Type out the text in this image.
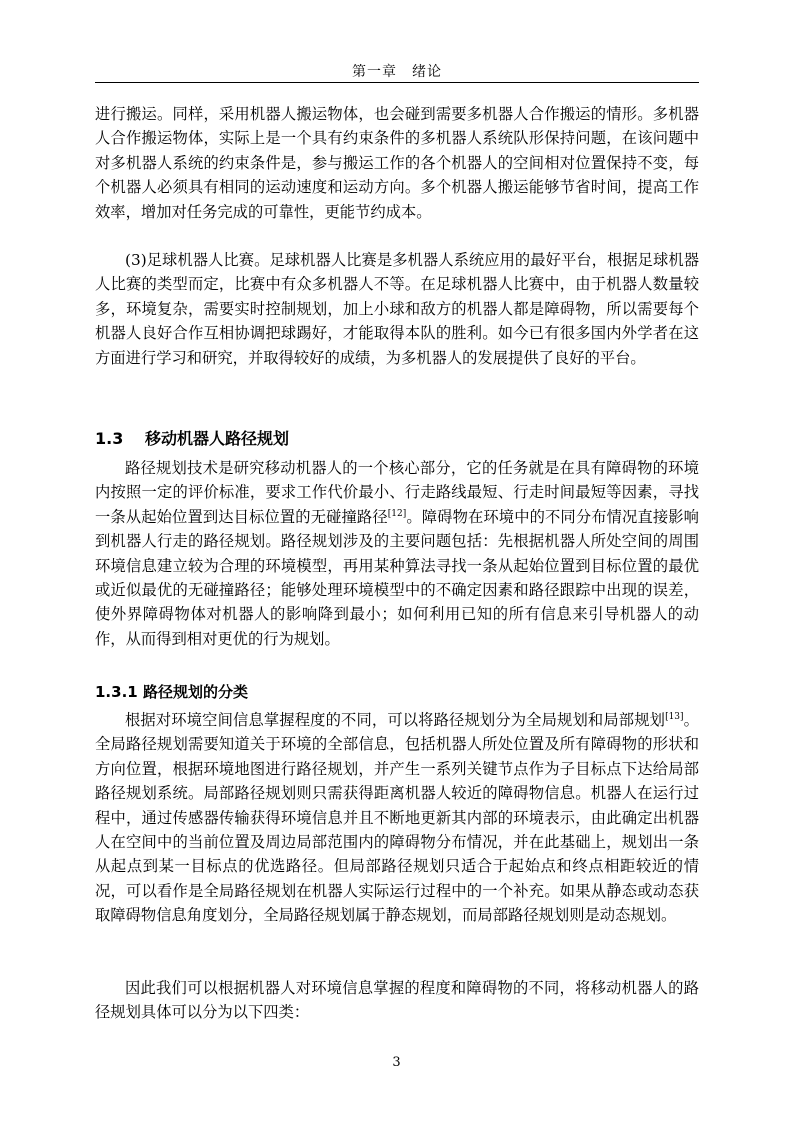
第一章　绪论

进行搬运。同样，采用机器人搬运物体，也会碰到需要多机器人合作搬运的情形。多机器人合作搬运物体，实际上是一个具有约束条件的多机器人系统队形保持问题，在该问题中对多机器人系统的约束条件是，参与搬运工作的各个机器人的空间相对位置保持不变，每个机器人必须具有相同的运动速度和运动方向。多个机器人搬运能够节省时间，提高工作效率，增加对任务完成的可靠性，更能节约成本。

(3)足球机器人比赛。足球机器人比赛是多机器人系统应用的最好平台，根据足球机器人比赛的类型而定，比赛中有众多机器人不等。在足球机器人比赛中，由于机器人数量较多，环境复杂，需要实时控制规划，加上小球和敌方的机器人都是障碍物，所以需要每个机器人良好合作互相协调把球踢好，才能取得本队的胜利。如今已有很多国内外学者在这方面进行学习和研究，并取得较好的成绩，为多机器人的发展提供了良好的平台。

1.3 移动机器人路径规划

路径规划技术是研究移动机器人的一个核心部分，它的任务就是在具有障碍物的环境内按照一定的评价标准，要求工作代价最小、行走路线最短、行走时间最短等因素，寻找一条从起始位置到达目标位置的无碰撞路径[12]。障碍物在环境中的不同分布情况直接影响到机器人行走的路径规划。路径规划涉及的主要问题包括：先根据机器人所处空间的周围环境信息建立较为合理的环境模型，再用某种算法寻找一条从起始位置到目标位置的最优或近似最优的无碰撞路径；能够处理环境模型中的不确定因素和路径跟踪中出现的误差，使外界障碍物体对机器人的影响降到最小；如何利用已知的所有信息来引导机器人的动作，从而得到相对更优的行为规划。

1.3.1 路径规划的分类

根据对环境空间信息掌握程度的不同，可以将路径规划分为全局规划和局部规划[13]。全局路径规划需要知道关于环境的全部信息，包括机器人所处位置及所有障碍物的形状和方向位置，根据环境地图进行路径规划，并产生一系列关键节点作为子目标点下达给局部路径规划系统。局部路径规划则只需获得距离机器人较近的障碍物信息。机器人在运行过程中，通过传感器传输获得环境信息并且不断地更新其内部的环境表示，由此确定出机器人在空间中的当前位置及周边局部范围内的障碍物分布情况，并在此基础上，规划出一条从起点到某一目标点的优选路径。但局部路径规划只适合于起始点和终点相距较近的情况，可以看作是全局路径规划在机器人实际运行过程中的一个补充。如果从静态或动态获取障碍物信息角度划分，全局路径规划属于静态规划，而局部路径规划则是动态规划。

因此我们可以根据机器人对环境信息掌握的程度和障碍物的不同，将移动机器人的路径规划具体可以分为以下四类：

3
